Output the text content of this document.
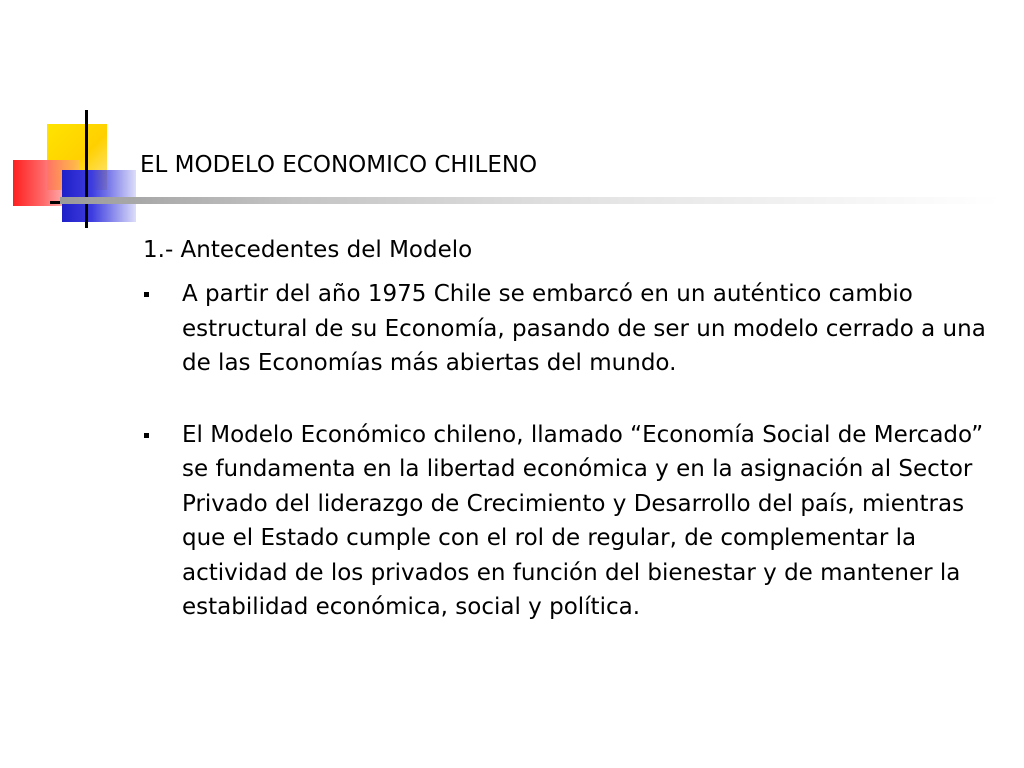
EL MODELO ECONOMICO CHILENO
1.- Antecedentes del Modelo
A partir del año 1975 Chile se embarcó en un auténtico cambio estructural de su Economía, pasando de ser un modelo cerrado a una de las Economías más abiertas del mundo.
El Modelo Económico chileno, llamado “Economía Social de Mercado” se fundamenta en la libertad económica y en la asignación al Sector Privado del liderazgo de Crecimiento y Desarrollo del país, mientras que el Estado cumple con el rol de regular, de complementar la actividad de los privados en función del bienestar y de mantener la estabilidad económica, social y política.
